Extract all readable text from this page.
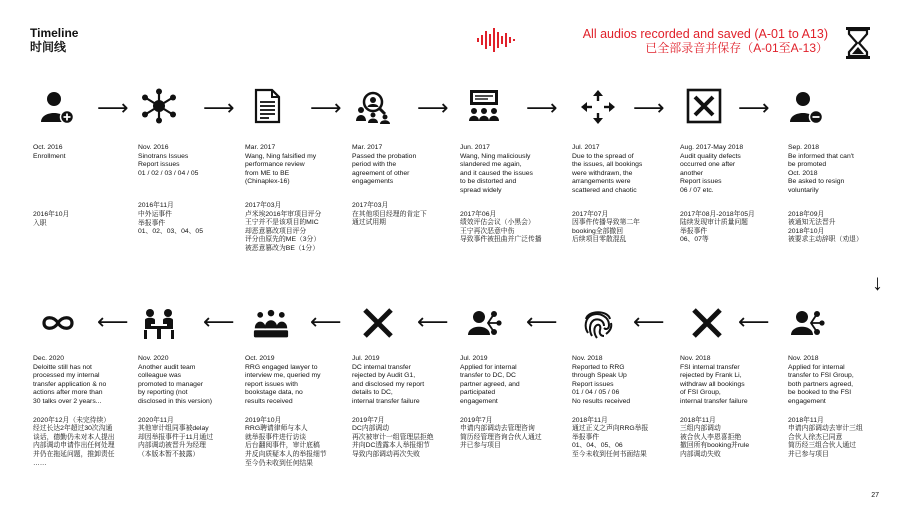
Timeline
时间线
All audios recorded and saved (A-01 to A13)
已全部录音并保存（A-01至A-13）
⟶	⟶	⟶	⟶	⟶	⟶ ☒ ⟶
Oct. 2016
Enrollment
2016年10月
入职
Nov. 2016
Sinotrans Issues
Report issues
01 / 02 / 03 / 04 / 05
2016年11月
中外运事件
举报事件
01、02、03、04、05
Mar. 2017
Wang, Ning falsified my
performance review
from ME to BE
(Chinaplex-16)
2017年03月
卢米埃2016年审项目评分
王宁并不是该项目的MIC
却恶意篡改项目评分
评分由原先的ME（3分）
被恶意篡改为BE（1分）
Mar. 2017
Passed the probation
period with the
agreement of other
engagements
2017年03月
在其他项目经理的肯定下
通过试用期
Jun. 2017
Wang, Ning maliciously
slandered me again,
and it caused the issues
to be distorted and
spread widely
2017年06月
绩效评估会议（小黑会）
王宁再次恶意中伤
导致事件被扭曲并广泛传播
Jul. 2017
Due to the spread of
the issues, all bookings
were withdrawn, the
arrangements were
scattered and chaotic
2017年07月
因事件传播导致第二年
booking全部撤回
后续项目零散混乱
Aug. 2017-May 2018
Audit quality defects
occurred one after
another
Report issues
06 / 07 etc.
2017年08月-2018年05月
陆续发现审计质量问题
举报事件
06、07等
Sep. 2018
Be informed that can't
be promoted
Oct. 2018
Be asked to resign
voluntarily
2018年09月
被通知无法晋升
2018年10月
被要求主动辞职（劝退）
↓
⟵	⟵	⟵	⟵	⟵	⟵	⟵
Dec. 2020
Deloitte still has not
processed my internal
transfer application & no
actions after more than
30 talks over 2 years...
2020年12月（未完待续）
经过长达2年超过30次沟通
谈话，德勤仍未对本人提出
内部调动申请作出任何处理
并仍在拖延问题，推卸责任
……
Nov. 2020
Another audit team
colleague was
promoted to manager
by reporting (not
disclosed in this version)
2020年11月
其他审计组同事被delay
却因举报事件于11月通过
内部调动被晋升为经理
（本版本暂不披露）
Oct. 2019
RRG engaged lawyer to
interview me, queried my
report issues with
bookstage data, no
results received
2019年10月
RRG聘请律师与本人
就举报事件进行访谈
后台翻阅事件，审计底稿
并反向质疑本人的举报细节
至今仍未收到任何结果
Jul. 2019
DC internal transfer
rejected by Audit G1,
and disclosed my report
details to DC,
internal transfer failure
2019年7月
DC内部调动
再次被审计一组管理层拒绝
并向DC透露本人举报细节
导致内部调动再次失败
Jul. 2019
Applied for internal
transfer to DC, DC
partner agreed, and
participated
engagement
2019年7月
申请内部调动去管理咨询
简历经管理咨询合伙人通过
并已参与项目
Nov. 2018
Reported to RRG
through Speak Up
Report issues
01 / 04 / 05 / 06
No results received
2018年11月
通过正义之声向RRG举报
举报事件
01、04、05、06
至今未收到任何书面结果
Nov. 2018
FSI internal transfer
rejected by Frank Li,
withdraw all bookings
of FSI Group,
internal transfer failure
2018年11月
三组内部调动
被合伙人李恩喜拒绝
撤回所有booking并rule
内部调动失败
Nov. 2018
Applied for internal
transfer to FSI Group,
both partners agreed,
be booked to the FSI
engagement
2018年11月
申请内部调动去审计三组
合伙人徐杰已同意
简历经三组合伙人通过
并已参与项目
27
